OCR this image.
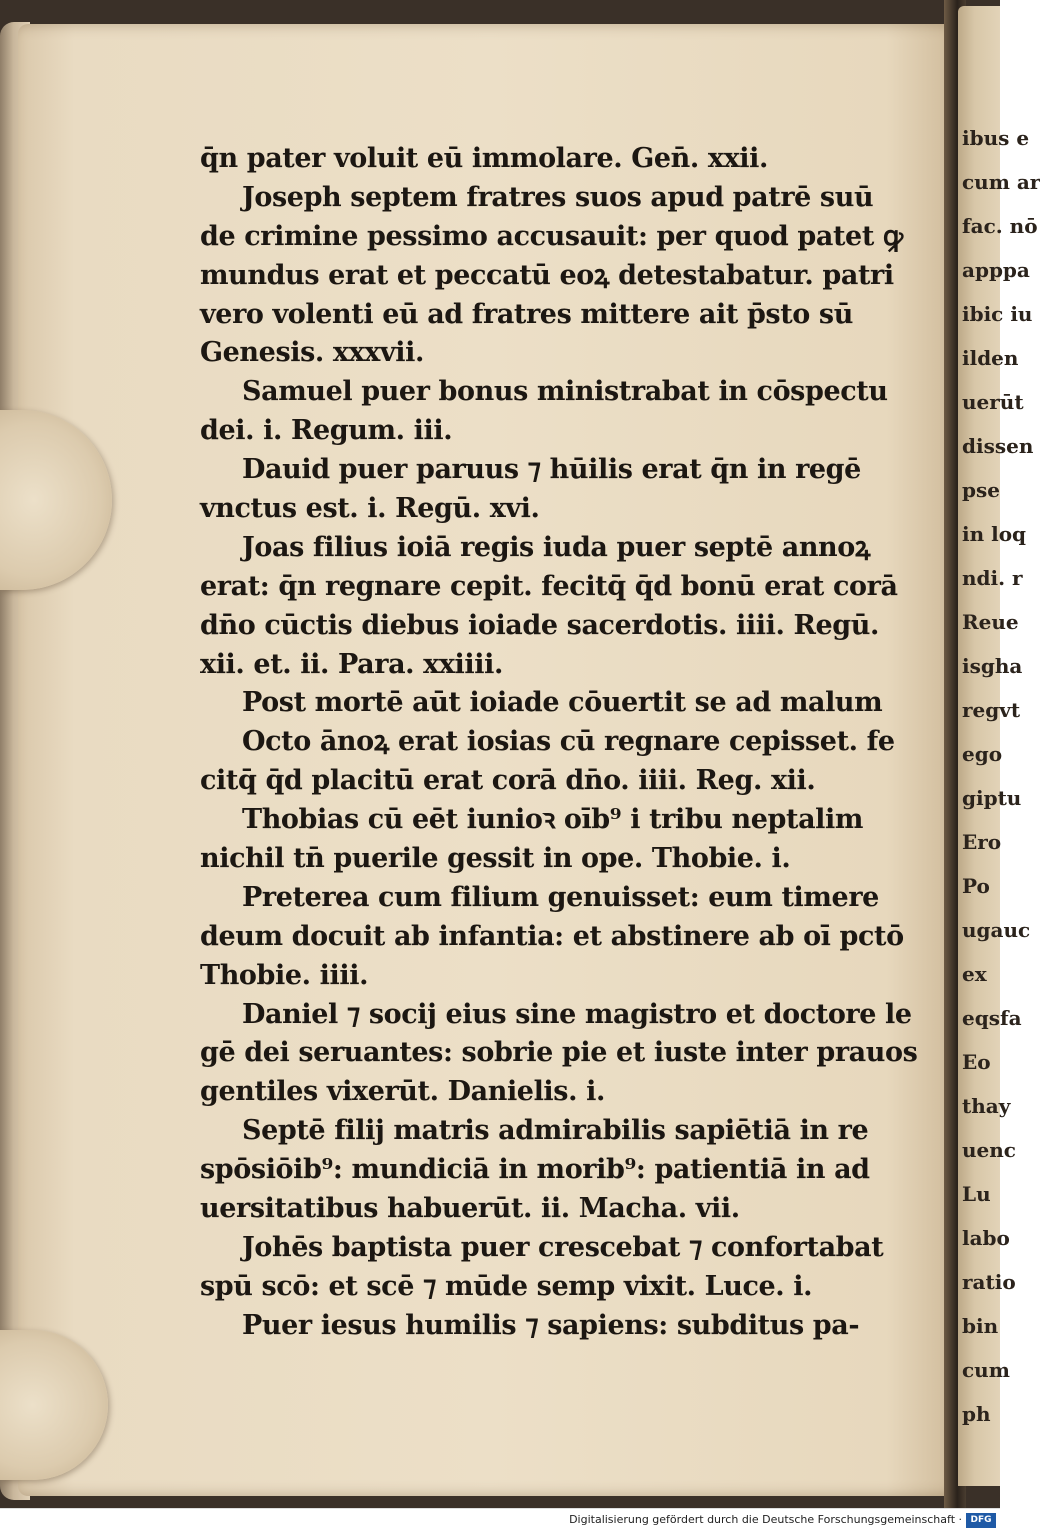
ibus e
cum ar
fac. nō
apppa
ibic iu
ilden
uerūt
dissen
pse
in loq
ndi. r
Reue
isgha
regvt
ego
giptu
Ero
Po
ugauc
ex
eqsfa
Eo
thay
uenc
Lu
labo
ratio
bin
cum
ph
q̄n pater voluit eū immolare. Gen̄. xxii.
Joseph septem fratres suos apud patrē suū
de crimine pessimo accusauit: per quod patet ꝙ
mundus erat et peccatū eoꝝ detestabatur. patri
vero volenti eū ad fratres mittere ait p̄sto sū
Genesis. xxxvii.
Samuel puer bonus ministrabat in cōspectu
dei. i. Regum. iii.
Dauid puer paruus ⁊ hūilis erat q̄n in regē
vnctus est. i. Regū. xvi.
Joas filius ioiā regis iuda puer septē annoꝝ
erat: q̄n regnare cepit. fecitq̄ q̄d bonū erat corā
dn̄o cūctis diebus ioiade sacerdotis. iiii. Regū.
xii. et. ii. Para. xxiiii.
Post mortē aūt ioiade cōuertit se ad malum
Octo ānoꝝ erat iosias cū regnare cepisset. fe
citq̄ q̄d placitū erat corā dn̄o. iiii. Reg. xii.
Thobias cū eēt iunioꝛ oīb⁹ i tribu neptalim
nichil tn̄ puerile gessit in ope. Thobie. i.
Preterea cum filium genuisset: eum timere
deum docuit ab infantia: et abstinere ab oī pctō
Thobie. iiii.
Daniel ⁊ socij eius sine magistro et doctore le
gē dei seruantes: sobrie pie et iuste inter prauos
gentiles vixerūt. Danielis. i.
Septē filij matris admirabilis sapiētiā in re
spōsiōib⁹: mundiciā in morib⁹: patientiā in ad
uersitatibus habuerūt. ii. Macha. vii.
Johēs baptista puer crescebat ⁊ confortabat
spū scō: et scē ⁊ mūde semp vixit. Luce. i.
Puer iesus humilis ⁊ sapiens: subditus pa-
Digitalisierung gefördert durch die Deutsche Forschungsgemeinschaft · DFG
